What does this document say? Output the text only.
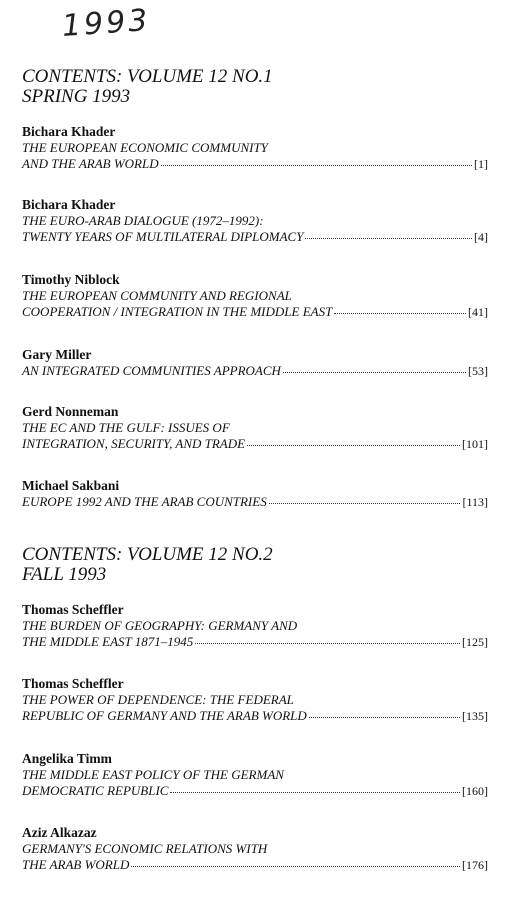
1993
CONTENTS: VOLUME 12 NO.1
SPRING 1993
Bichara Khader
THE EUROPEAN ECONOMIC COMMUNITY
AND THE ARAB WORLD	[1]
Bichara Khader
THE EURO-ARAB DIALOGUE (1972–1992):
TWENTY YEARS OF MULTILATERAL DIPLOMACY	[4]
Timothy Niblock
THE EUROPEAN COMMUNITY AND REGIONAL
COOPERATION / INTEGRATION IN THE MIDDLE EAST	[41]
Gary Miller
AN INTEGRATED COMMUNITIES APPROACH	[53]
Gerd Nonneman
THE EC AND THE GULF: ISSUES OF
INTEGRATION, SECURITY, AND TRADE	[101]
Michael Sakbani
EUROPE 1992 AND THE ARAB COUNTRIES	[113]
CONTENTS: VOLUME 12 NO.2
FALL 1993
Thomas Scheffler
THE BURDEN OF GEOGRAPHY: GERMANY AND
THE MIDDLE EAST 1871–1945	[125]
Thomas Scheffler
THE POWER OF DEPENDENCE: THE FEDERAL
REPUBLIC OF GERMANY AND THE ARAB WORLD	[135]
Angelika Timm
THE MIDDLE EAST POLICY OF THE GERMAN
DEMOCRATIC REPUBLIC	[160]
Aziz Alkazaz
GERMANY'S ECONOMIC RELATIONS WITH
THE ARAB WORLD	[176]
